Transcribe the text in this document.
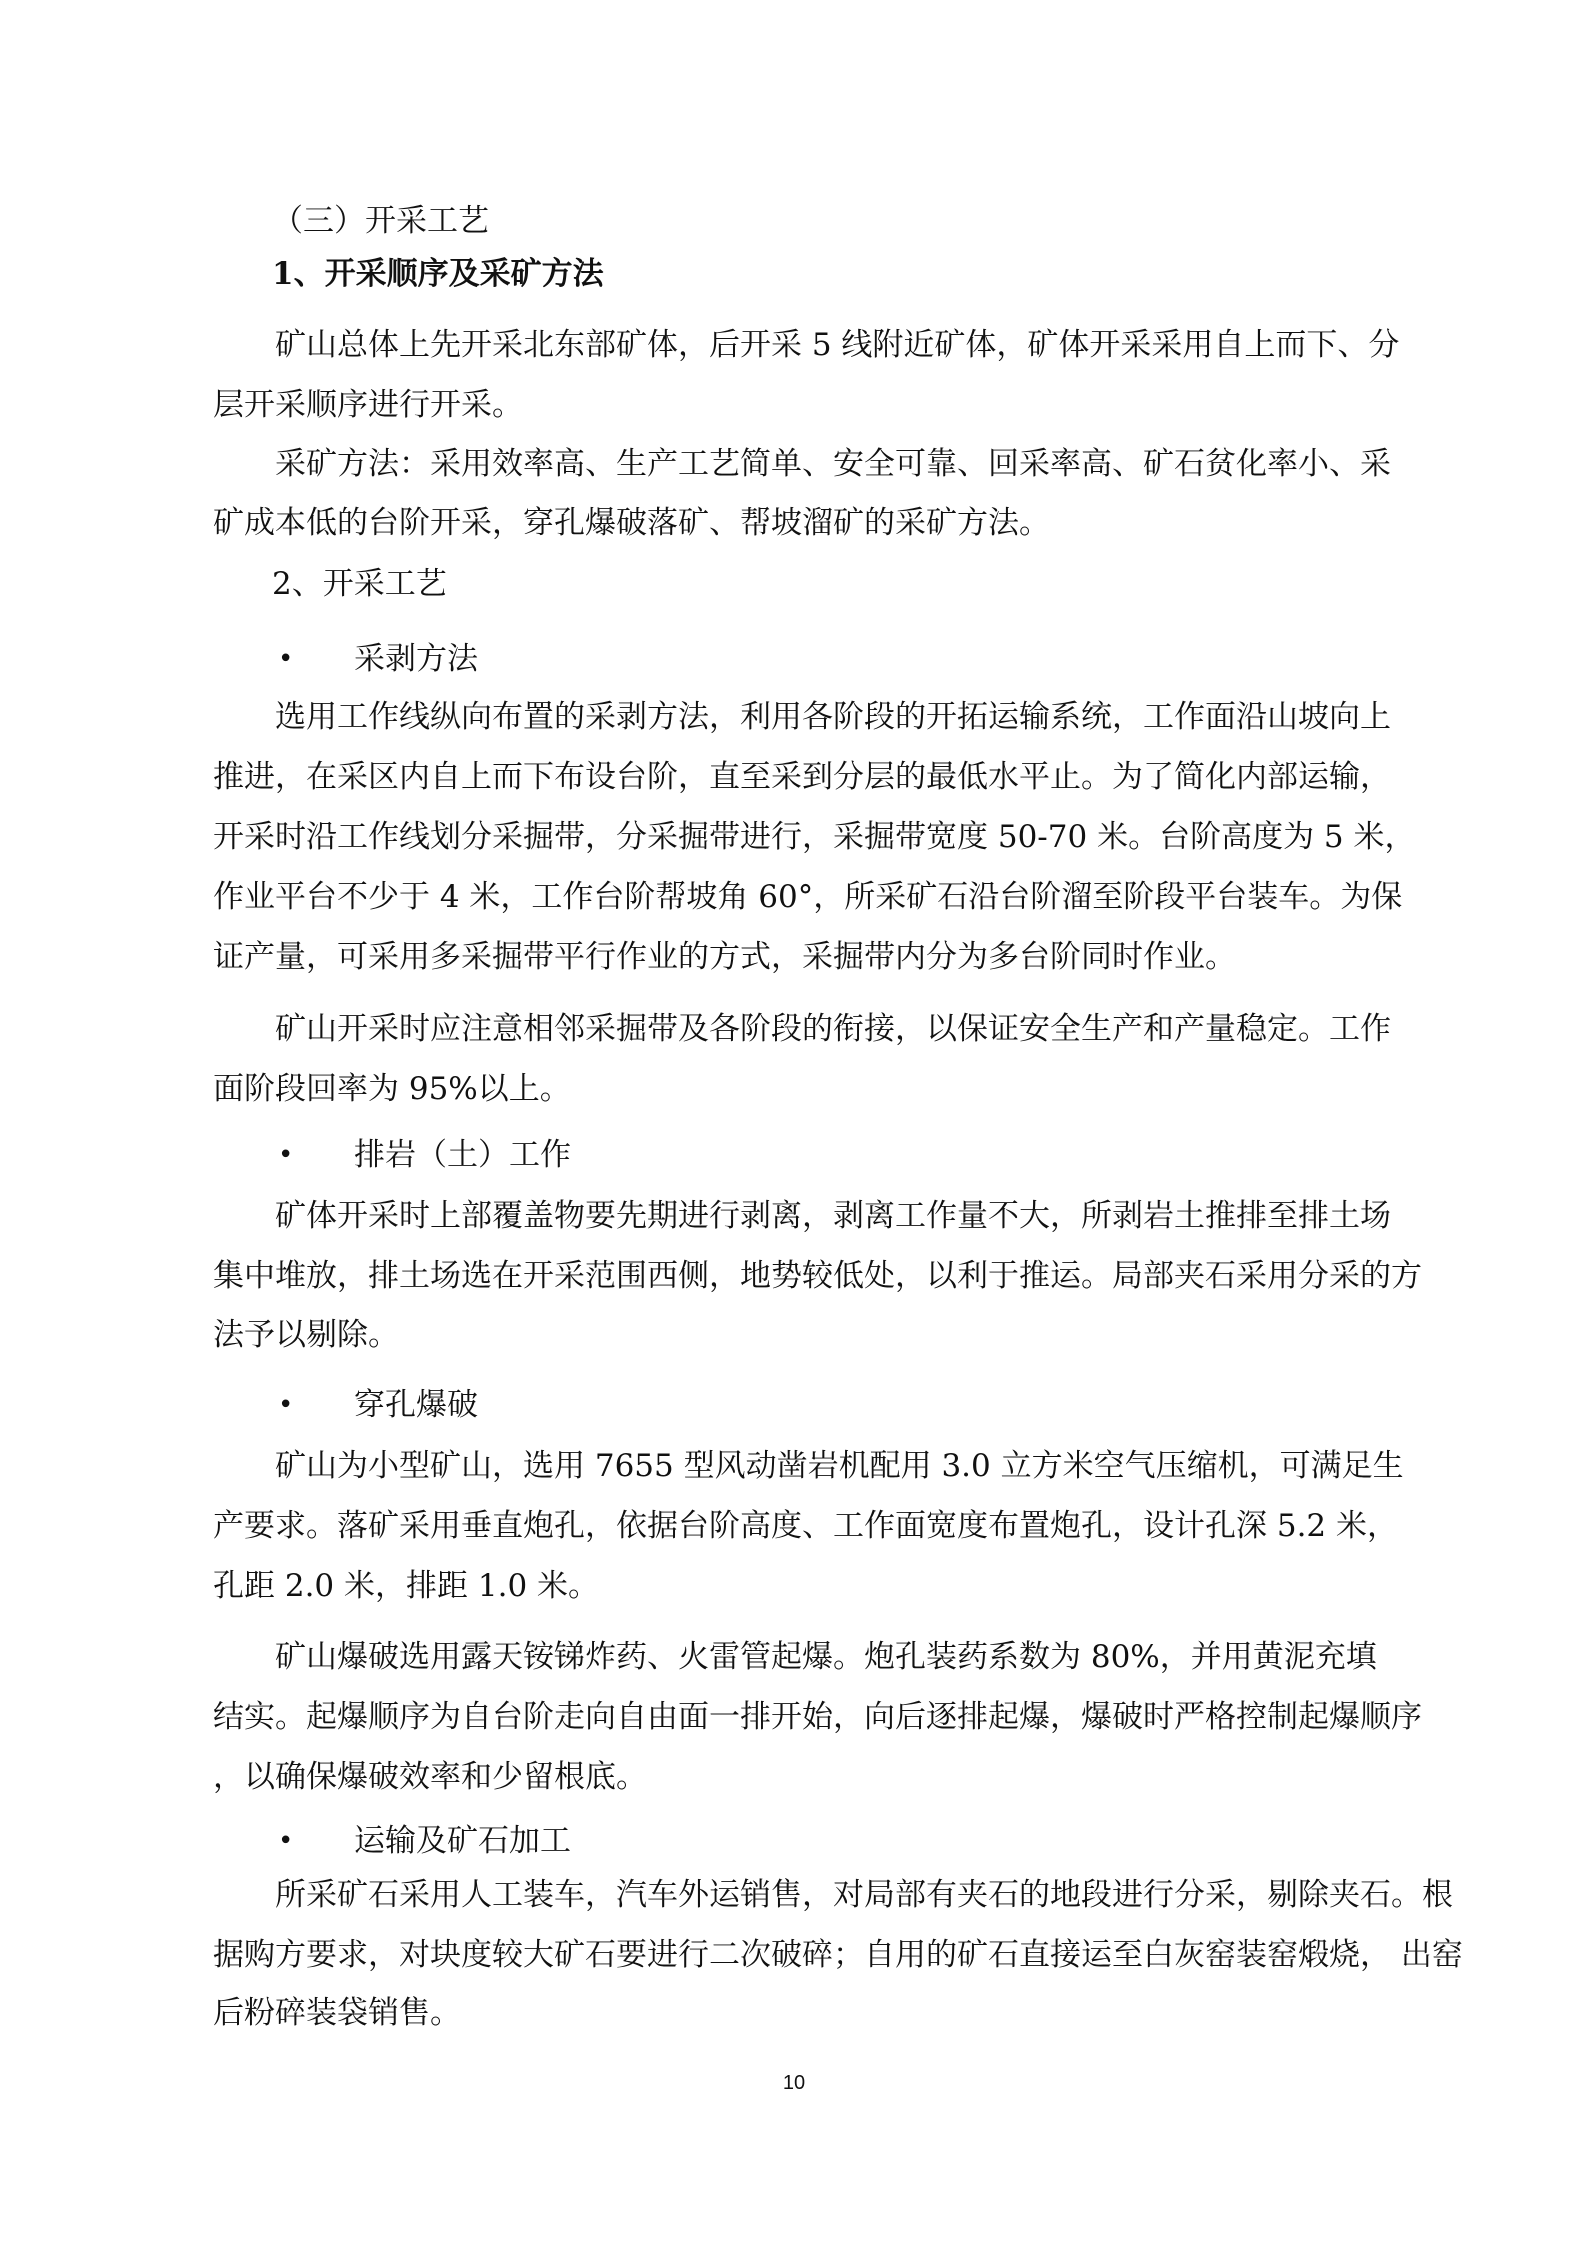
（三）开采工艺
1、开采顺序及采矿方法
矿山总体上先开采北东部矿体，后开采 5 线附近矿体，矿体开采采用自上而下、分
层开采顺序进行开采。
采矿方法：采用效率高、生产工艺简单、安全可靠、回采率高、矿石贫化率小、采
矿成本低的台阶开采，穿孔爆破落矿、帮坡溜矿的采矿方法。
2、开采工艺
• 采剥方法
选用工作线纵向布置的采剥方法，利用各阶段的开拓运输系统，工作面沿山坡向上
推进，在采区内自上而下布设台阶，直至采到分层的最低水平止。为了简化内部运输，
开采时沿工作线划分采掘带，分采掘带进行，采掘带宽度 50-70 米。台阶高度为 5 米，
作业平台不少于 4 米，工作台阶帮坡角 60°，所采矿石沿台阶溜至阶段平台装车。为保
证产量，可采用多采掘带平行作业的方式，采掘带内分为多台阶同时作业。
矿山开采时应注意相邻采掘带及各阶段的衔接，以保证安全生产和产量稳定。工作
面阶段回率为 95%以上。
• 排岩（土）工作
矿体开采时上部覆盖物要先期进行剥离，剥离工作量不大，所剥岩土推排至排土场
集中堆放，排土场选在开采范围西侧，地势较低处，以利于推运。局部夹石采用分采的方
法予以剔除。
• 穿孔爆破
矿山为小型矿山，选用 7655 型风动凿岩机配用 3.0 立方米空气压缩机，可满足生
产要求。落矿采用垂直炮孔，依据台阶高度、工作面宽度布置炮孔，设计孔深 5.2 米，
孔距 2.0 米，排距 1.0 米。
矿山爆破选用露天铵锑炸药、火雷管起爆。炮孔装药系数为 80%，并用黄泥充填
结实。起爆顺序为自台阶走向自由面一排开始，向后逐排起爆，爆破时严格控制起爆顺序
，以确保爆破效率和少留根底。
• 运输及矿石加工
所采矿石采用人工装车，汽车外运销售，对局部有夹石的地段进行分采，剔除夹石。根
据购方要求，对块度较大矿石要进行二次破碎；自用的矿石直接运至白灰窑装窑煅烧， 出窑
后粉碎装袋销售。
10
